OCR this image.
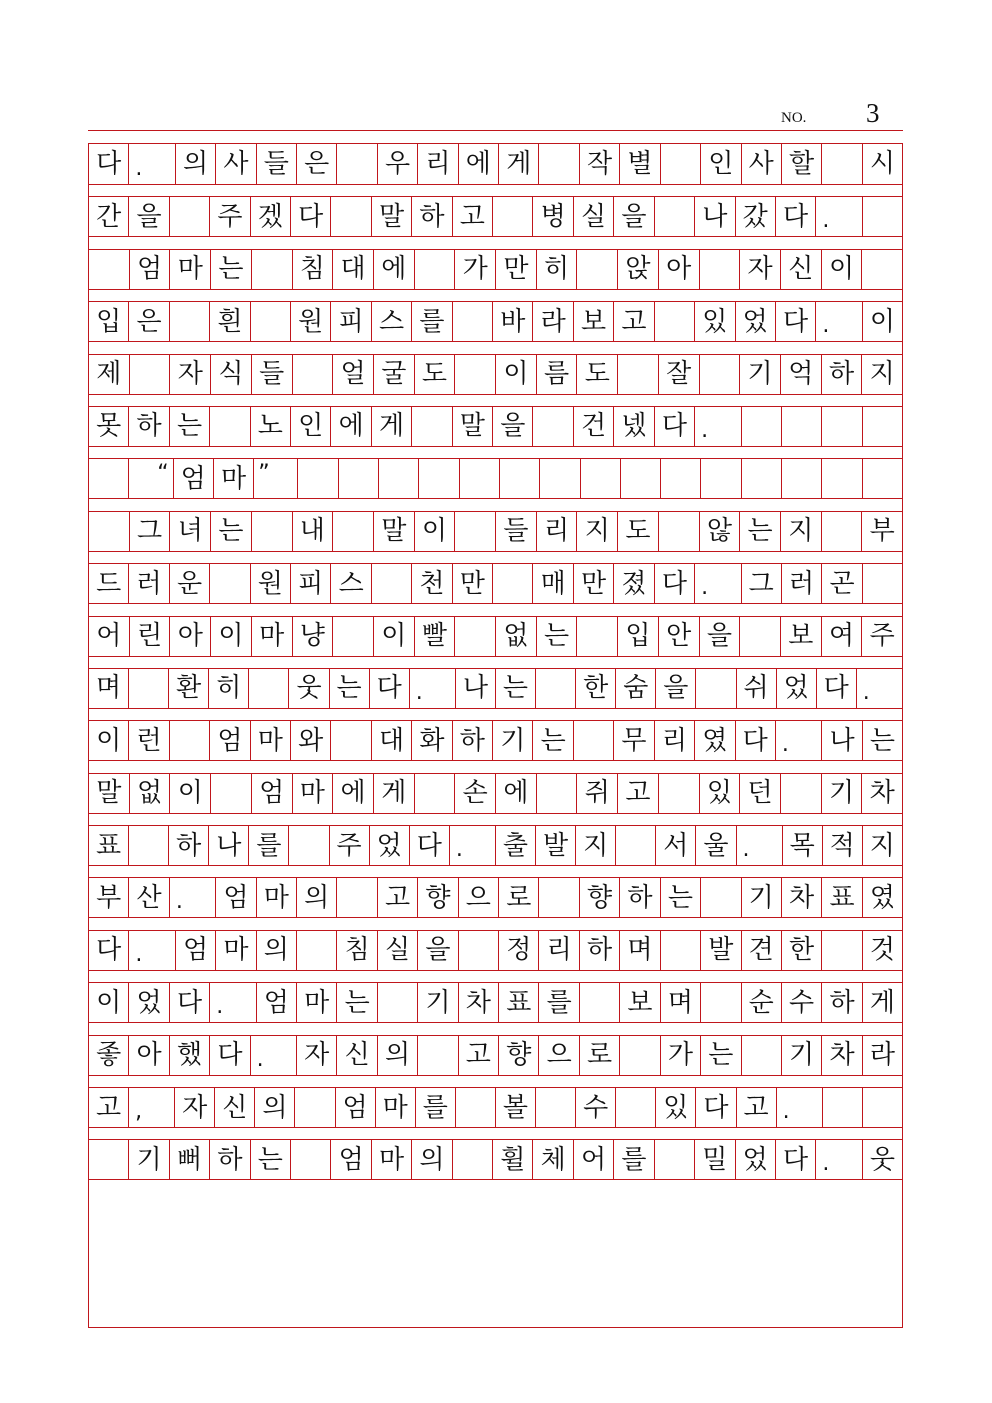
NO. 3
다 .	의 사 들 은	우 리 에 게	작 별	인 사 할	시
간 을	주 겠 다	말 하 고	병 실 을	나 갔 다 .
엄 마 는	침 대 에	가 만 히	앉 아	자 신 이
입 은	흰	원 피 스 를	바 라 보 고	있 었 다 .	이
제	자 식 들	얼 굴 도	이 름 도	잘	기 억 하 지
못 하 는	노 인 에 게	말 을	건 넸 다 .
“ 엄 마 ”
그 녀 는	내	말 이	들 리 지 도	않 는 지	부
드 러 운	원 피 스	천 만	매 만 졌 다 .	그 러 곤
어 린 아 이 마 냥	이 빨	없 는	입 안 을	보 여 주
며	환 히	웃 는 다 .	나 는	한 숨 을	쉬 었 다 .
이 런	엄 마 와	대 화 하 기 는	무 리 였 다 .	나 는
말 없 이	엄 마 에 게	손 에	쥐 고	있 던	기 차
표	하 나 를	주 었 다 .	출 발 지	서 울 .	목 적 지
부 산 .	엄 마 의	고 향 으 로	향 하 는	기 차 표 였
다 .	엄 마 의	침 실 을	정 리 하 며	발 견 한	것
이 었 다 .	엄 마 는	기 차 표 를	보 며	순 수 하 게
좋 아 했 다 .	자 신 의	고 향 으 로	가 는	기 차 라
고 ,	자 신 의	엄 마 를	볼	수	있 다 고 .
기 뻐 하 는	엄 마 의	휠 체 어 를	밀 었 다 .	웃
